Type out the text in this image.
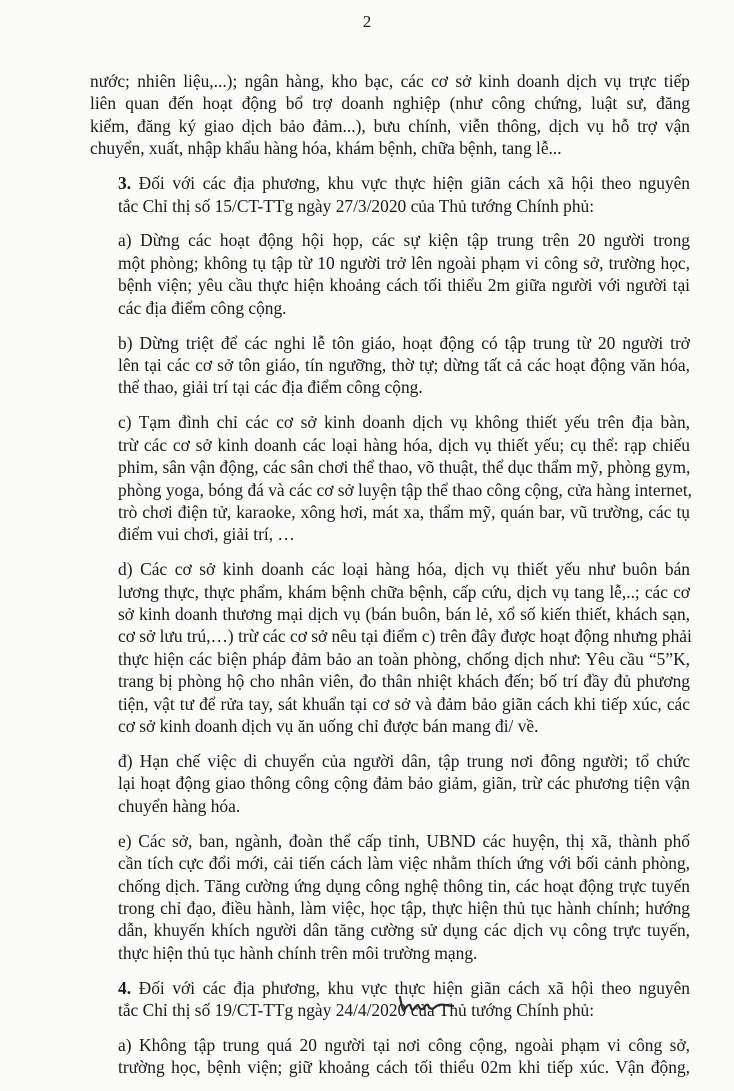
2
nước; nhiên liệu,...); ngân hàng, kho bạc, các cơ sở kinh doanh dịch vụ trực tiếp
liên quan đến hoạt động bổ trợ doanh nghiệp (như công chứng, luật sư, đăng
kiểm, đăng ký giao dịch bảo đảm...), bưu chính, viễn thông, dịch vụ hỗ trợ vận
chuyển, xuất, nhập khẩu hàng hóa, khám bệnh, chữa bệnh, tang lễ...
3. Đối với các địa phương, khu vực thực hiện giãn cách xã hội theo nguyên
tắc Chỉ thị số 15/CT-TTg ngày 27/3/2020 của Thủ tướng Chính phủ:
a) Dừng các hoạt động hội họp, các sự kiện tập trung trên 20 người trong
một phòng; không tụ tập từ 10 người trở lên ngoài phạm vi công sở, trường học,
bệnh viện; yêu cầu thực hiện khoảng cách tối thiểu 2m giữa người với người tại
các địa điểm công cộng.
b) Dừng triệt để các nghi lễ tôn giáo, hoạt động có tập trung từ 20 người trở
lên tại các cơ sở tôn giáo, tín ngưỡng, thờ tự; dừng tất cả các hoạt động văn hóa,
thể thao, giải trí tại các địa điểm công cộng.
c) Tạm đình chỉ các cơ sở kinh doanh dịch vụ không thiết yếu trên địa bàn,
trừ các cơ sở kinh doanh các loại hàng hóa, dịch vụ thiết yếu; cụ thể: rạp chiếu
phim, sân vận động, các sân chơi thể thao, võ thuật, thể dục thẩm mỹ, phòng gym,
phòng yoga, bóng đá và các cơ sở luyện tập thể thao công cộng, cửa hàng internet,
trò chơi điện tử, karaoke, xông hơi, mát xa, thẩm mỹ, quán bar, vũ trường, các tụ
điểm vui chơi, giải trí, …
d) Các cơ sở kinh doanh các loại hàng hóa, dịch vụ thiết yếu như buôn bán
lương thực, thực phẩm, khám bệnh chữa bệnh, cấp cứu, dịch vụ tang lễ,..; các cơ
sở kinh doanh thương mại dịch vụ (bán buôn, bán lẻ, xổ số kiến thiết, khách sạn,
cơ sở lưu trú,…) trừ các cơ sở nêu tại điểm c) trên đây được hoạt động nhưng phải
thực hiện các biện pháp đảm bảo an toàn phòng, chống dịch như: Yêu cầu “5”K,
trang bị phòng hộ cho nhân viên, đo thân nhiệt khách đến; bố trí đầy đủ phương
tiện, vật tư để rửa tay, sát khuẩn tại cơ sở và đảm bảo giãn cách khi tiếp xúc, các
cơ sở kinh doanh dịch vụ ăn uống chỉ được bán mang đi/ về.
đ) Hạn chế việc di chuyển của người dân, tập trung nơi đông người; tổ chức
lại hoạt động giao thông công cộng đảm bảo giảm, giãn, trừ các phương tiện vận
chuyển hàng hóa.
e) Các sở, ban, ngành, đoàn thể cấp tỉnh, UBND các huyện, thị xã, thành phố
cần tích cực đổi mới, cải tiến cách làm việc nhằm thích ứng với bối cảnh phòng,
chống dịch. Tăng cường ứng dụng công nghệ thông tin, các hoạt động trực tuyến
trong chỉ đạo, điều hành, làm việc, học tập, thực hiện thủ tục hành chính; hướng
dẫn, khuyến khích người dân tăng cường sử dụng các dịch vụ công trực tuyến,
thực hiện thủ tục hành chính trên môi trường mạng.
4. Đối với các địa phương, khu vực thực hiện giãn cách xã hội theo nguyên
tắc Chỉ thị số 19/CT-TTg ngày 24/4/2020 của Thủ tướng Chính phủ:
a) Không tập trung quá 20 người tại nơi công cộng, ngoài phạm vi công sở,
trường học, bệnh viện; giữ khoảng cách tối thiểu 02m khi tiếp xúc. Vận động,
